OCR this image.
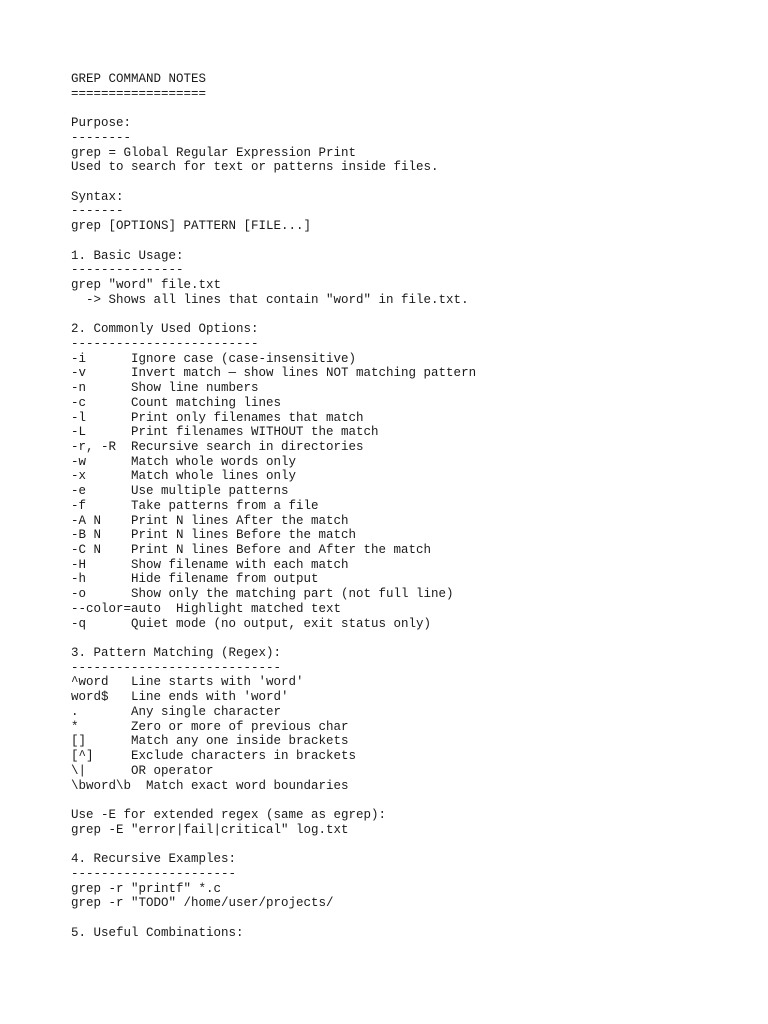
GREP COMMAND NOTES
==================
Purpose:
--------
grep = Global Regular Expression Print
Used to search for text or patterns inside files.
Syntax:
-------
grep [OPTIONS] PATTERN [FILE...]
1. Basic Usage:
---------------
grep "word" file.txt
-> Shows all lines that contain "word" in file.txt.
2. Commonly Used Options:
-------------------------
-i      Ignore case (case-insensitive)
-v      Invert match — show lines NOT matching pattern
-n      Show line numbers
-c      Count matching lines
-l      Print only filenames that match
-L      Print filenames WITHOUT the match
-r, -R  Recursive search in directories
-w      Match whole words only
-x      Match whole lines only
-e      Use multiple patterns
-f      Take patterns from a file
-A N    Print N lines After the match
-B N    Print N lines Before the match
-C N    Print N lines Before and After the match
-H      Show filename with each match
-h      Hide filename from output
-o      Show only the matching part (not full line)
--color=auto  Highlight matched text
-q      Quiet mode (no output, exit status only)
3. Pattern Matching (Regex):
----------------------------
^word   Line starts with 'word'
word$   Line ends with 'word'
.       Any single character
*       Zero or more of previous char
[]      Match any one inside brackets
[^]     Exclude characters in brackets
\|      OR operator
\bword\b  Match exact word boundaries
Use -E for extended regex (same as egrep):
grep -E "error|fail|critical" log.txt
4. Recursive Examples:
----------------------
grep -r "printf" *.c
grep -r "TODO" /home/user/projects/
5. Useful Combinations:
